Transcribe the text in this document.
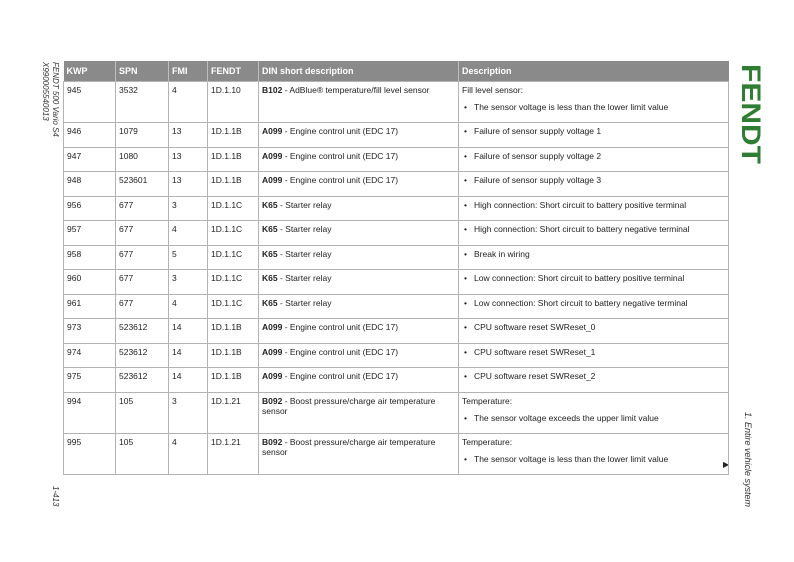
FENDT 500 Vario S4
X990005540013
1-413
FENDT
1. Entire vehicle system
▶
KWP	SPN	FMI	FENDT	DIN short description	Description
945	3532	4	1D.1.10	B102 - AdBlue® temperature/fill level sensor	Fill level sensor:
• The sensor voltage is less than the lower limit value

946	1079	13	1D.1.1B	A099 - Engine control unit (EDC 17)	• Failure of sensor supply voltage 1

947	1080	13	1D.1.1B	A099 - Engine control unit (EDC 17)	• Failure of sensor supply voltage 2

948	523601	13	1D.1.1B	A099 - Engine control unit (EDC 17)	• Failure of sensor supply voltage 3

956	677	3	1D.1.1C	K65 - Starter relay	• High connection: Short circuit to battery positive terminal

957	677	4	1D.1.1C	K65 - Starter relay	• High connection: Short circuit to battery negative terminal

958	677	5	1D.1.1C	K65 - Starter relay	• Break in wiring

960	677	3	1D.1.1C	K65 - Starter relay	• Low connection: Short circuit to battery positive terminal

961	677	4	1D.1.1C	K65 - Starter relay	• Low connection: Short circuit to battery negative terminal

973	523612	14	1D.1.1B	A099 - Engine control unit (EDC 17)	• CPU software reset SWReset_0

974	523612	14	1D.1.1B	A099 - Engine control unit (EDC 17)	• CPU software reset SWReset_1

975	523612	14	1D.1.1B	A099 - Engine control unit (EDC 17)	• CPU software reset SWReset_2

994	105	3	1D.1.21	B092 - Boost pressure/charge air temperature sensor	Temperature:
• The sensor voltage exceeds the upper limit value

995	105	4	1D.1.21	B092 - Boost pressure/charge air temperature sensor	Temperature:
• The sensor voltage is less than the lower limit value
